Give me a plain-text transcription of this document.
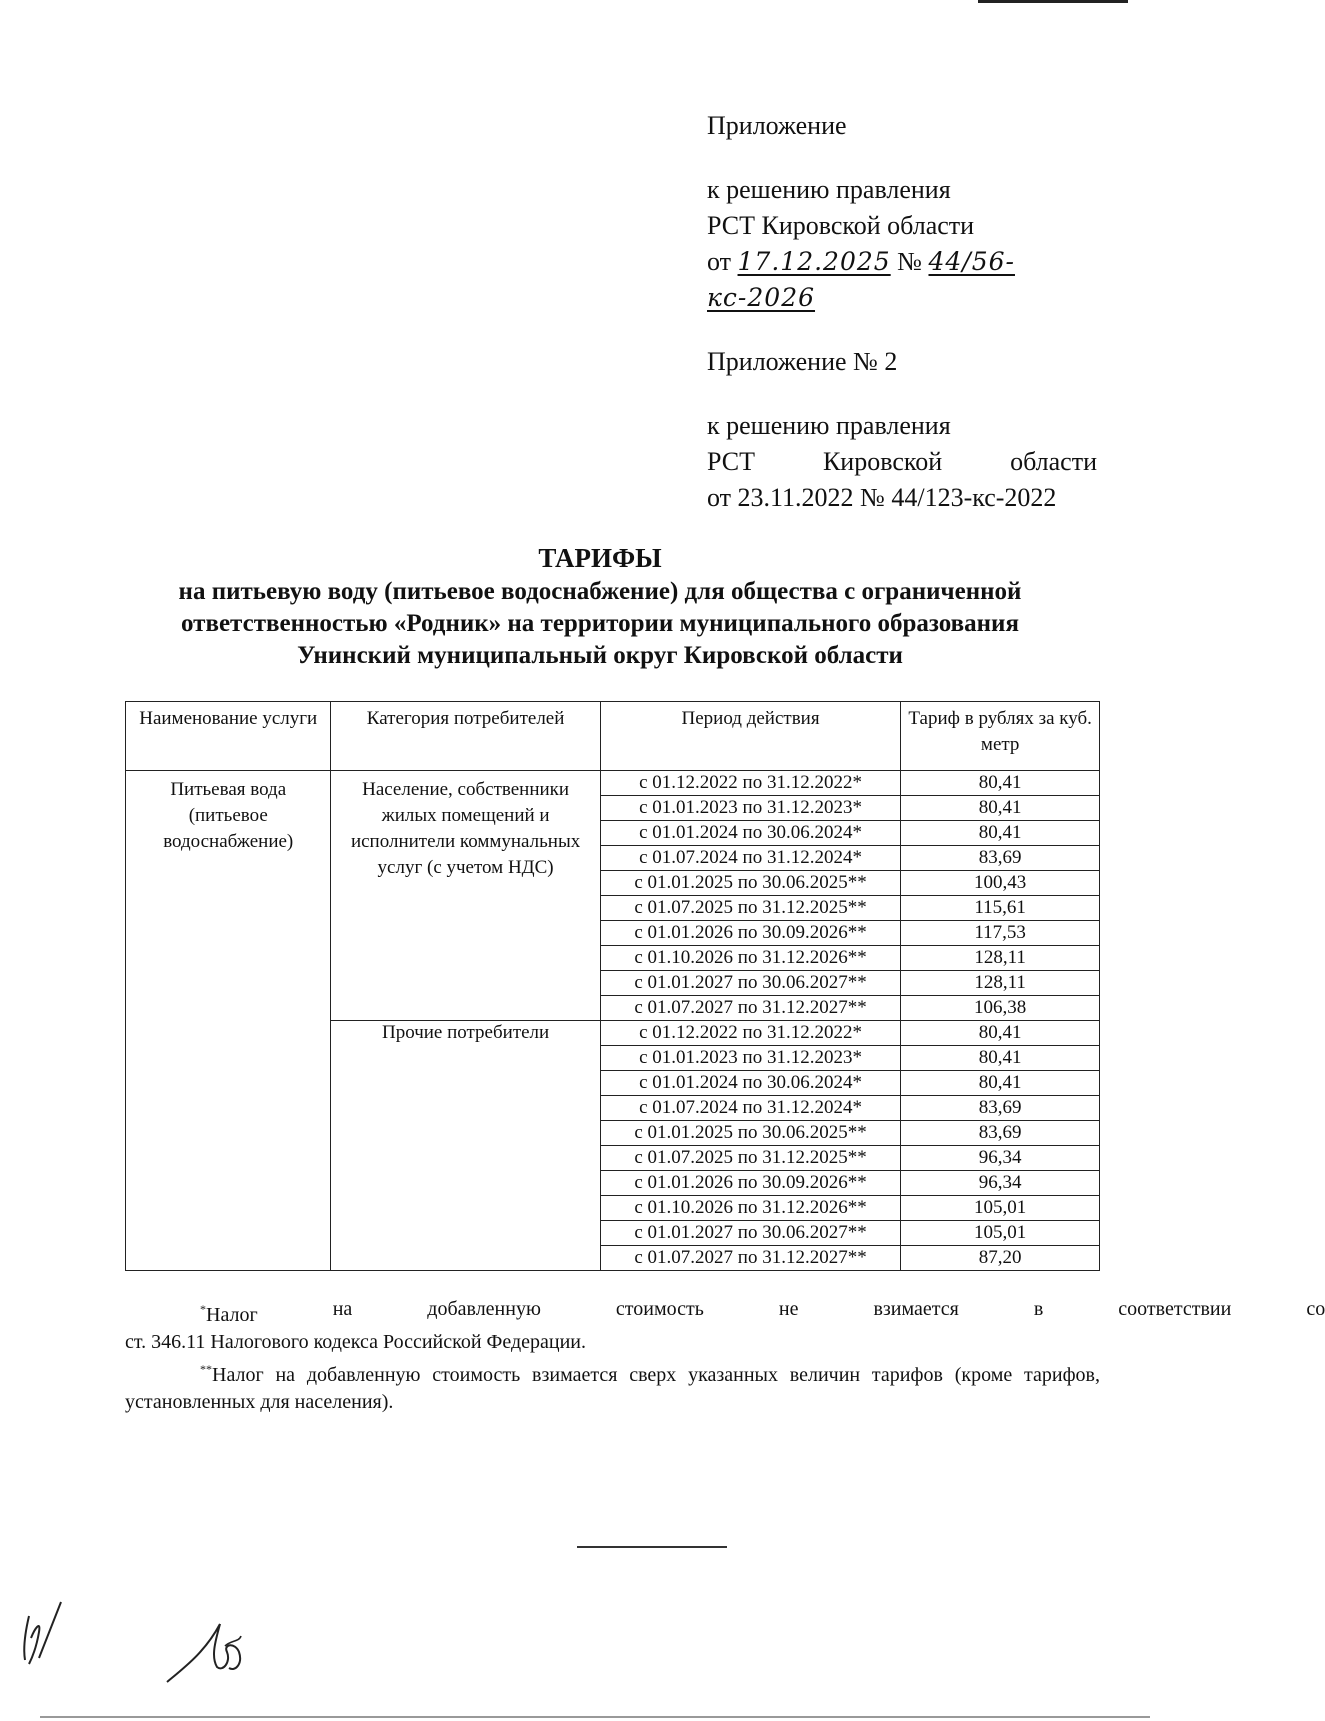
Приложение
к решению правления
РСТ Кировской области
от 17.12.2025 № 44/56-кс-2026
Приложение № 2
к решению правления
РСТ	Кировской	области
от 23.11.2022 № 44/123-кс-2022
ТАРИФЫ
на питьевую воду (питьевое водоснабжение) для общества с ограниченной
ответственностью «Родник» на территории муниципального образования
Унинский муниципальный округ Кировской области
Наименование услуги	Категория потребителей	Период действия	Тариф в рублях за куб. метр
Питьевая вода (питьевое водоснабжение)	Население, собственники жилых помещений и исполнители коммунальных услуг (с учетом НДС)	с 01.12.2022 по 31.12.2022*	80,41
		с 01.01.2023 по 31.12.2023*	80,41
		с 01.01.2024 по 30.06.2024*	80,41
		с 01.07.2024 по 31.12.2024*	83,69
		с 01.01.2025 по 30.06.2025**	100,43
		с 01.07.2025 по 31.12.2025**	115,61
		с 01.01.2026 по 30.09.2026**	117,53
		с 01.10.2026 по 31.12.2026**	128,11
		с 01.01.2027 по 30.06.2027**	128,11
		с 01.07.2027 по 31.12.2027**	106,38
	Прочие потребители	с 01.12.2022 по 31.12.2022*	80,41
		с 01.01.2023 по 31.12.2023*	80,41
		с 01.01.2024 по 30.06.2024*	80,41
		с 01.07.2024 по 31.12.2024*	83,69
		с 01.01.2025 по 30.06.2025**	83,69
		с 01.07.2025 по 31.12.2025**	96,34
		с 01.01.2026 по 30.09.2026**	96,34
		с 01.10.2026 по 31.12.2026**	105,01
		с 01.01.2027 по 30.06.2027**	105,01
		с 01.07.2027 по 31.12.2027**	87,20

*Налог	на	добавленную	стоимость	не	взимается	в	соответствии	со

ст. 346.11 Налогового кодекса Российской Федерации.

**Налог на добавленную стоимость взимается сверх указанных величин тарифов (кроме тарифов, установленных для населения).
